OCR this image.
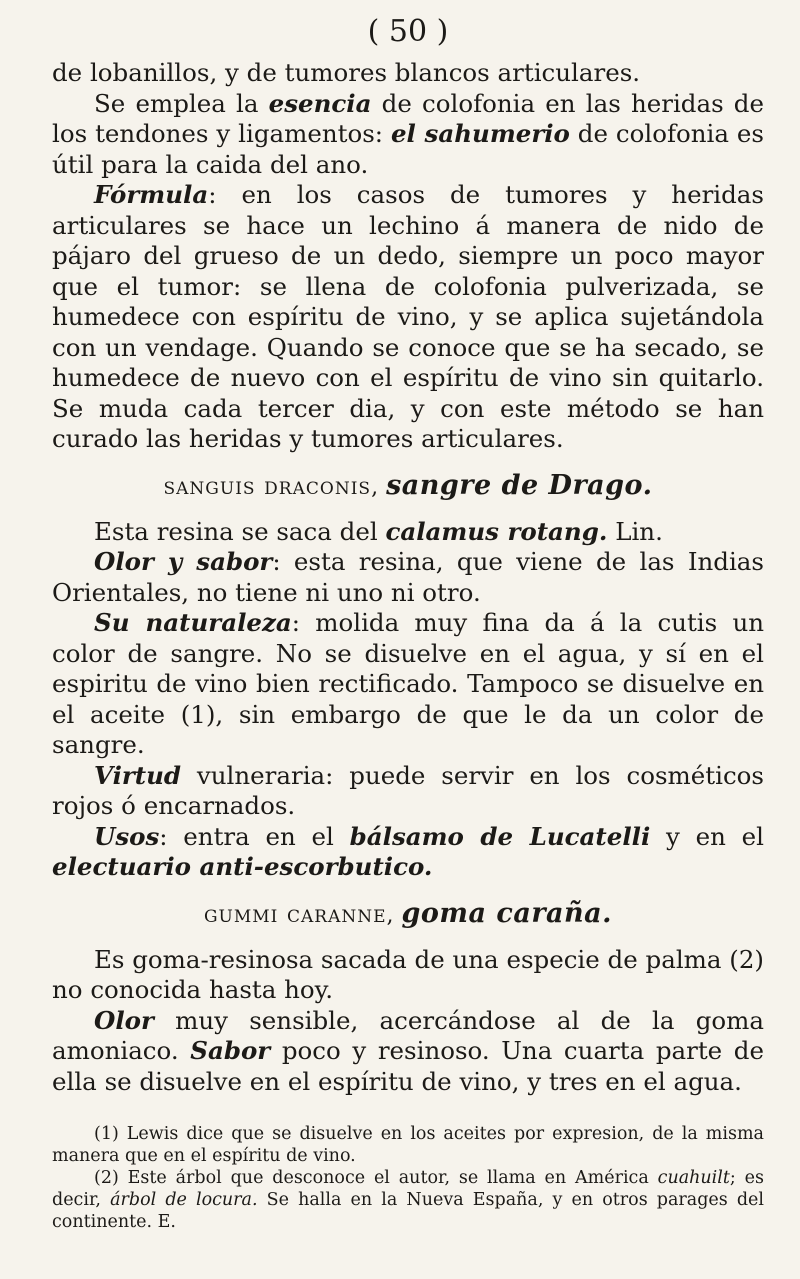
( 50 )

de lobanillos, y de tumores blancos articulares.

Se emplea la esencia de colofonia en las heridas de los tendones y ligamentos: el sahumerio de colofonia es útil para la caida del ano.

Fórmula: en los casos de tumores y heridas articulares se hace un lechino á manera de nido de pájaro del grueso de un dedo, siempre un poco mayor que el tumor: se llena de colofonia pulverizada, se humedece con espíritu de vino, y se aplica sujetándola con un vendage. Quando se conoce que se ha secado, se humedece de nuevo con el espíritu de vino sin quitarlo. Se muda cada tercer dia, y con este método se han curado las heridas y tumores articulares.

sanguis draconis, sangre de Drago.

Esta resina se saca del calamus rotang. Lin.

Olor y sabor: esta resina, que viene de las Indias Orientales, no tiene ni uno ni otro.

Su naturaleza: molida muy fina da á la cutis un color de sangre. No se disuelve en el agua, y sí en el espiritu de vino bien rectificado. Tampoco se disuelve en el aceite (1), sin embargo de que le da un color de sangre.

Virtud vulneraria: puede servir en los cosméticos rojos ó encarnados.

Usos: entra en el bálsamo de Lucatelli y en el electuario anti-escorbutico.

gummi caranne, goma caraña.

Es goma-resinosa sacada de una especie de palma (2) no conocida hasta hoy.

Olor muy sensible, acercándose al de la goma amoniaco. Sabor poco y resinoso. Una cuarta parte de ella se disuelve en el espíritu de vino, y tres en el agua.

(1) Lewis dice que se disuelve en los aceites por expresion, de la misma manera que en el espíritu de vino.

(2) Este árbol que desconoce el autor, se llama en América cuahuilt; es decir, árbol de locura. Se halla en la Nueva España, y en otros parages del continente. E.
